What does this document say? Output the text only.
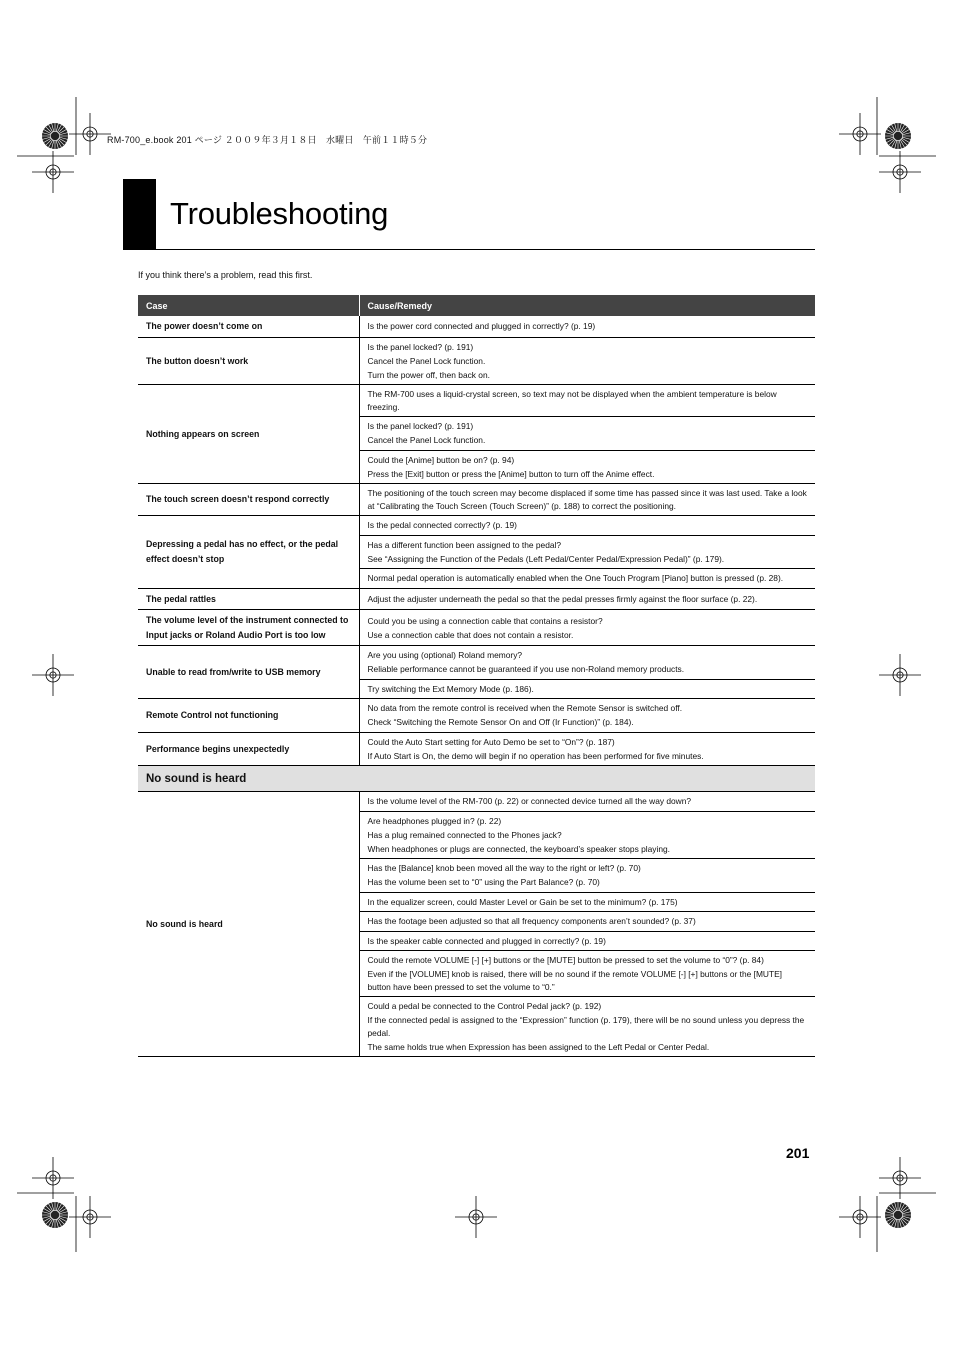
RM-700_e.book 201 ページ ２００９年３月１８日　水曜日　午前１１時５分
Troubleshooting
If you think there’s a problem, read this first.
Case	Cause/Remedy
The power doesn’t come on	Is the power cord connected and plugged in correctly? (p. 19)

The button doesn’t work	Is the panel locked? (p. 191)
Cancel the Panel Lock function.
Turn the power off, then back on.

Nothing appears on screen	The RM-700 uses a liquid-crystal screen, so text may not be displayed when the ambient temperature is below freezing.

	Is the panel locked? (p. 191)
Cancel the Panel Lock function.

	Could the [Anime] button be on? (p. 94)
Press the [Exit] button or press the [Anime] button to turn off the Anime effect.

The touch screen doesn’t respond correctly	The positioning of the touch screen may become displaced if some time has passed since it was last used. Take a look at “Calibrating the Touch Screen (Touch Screen)” (p. 188) to correct the positioning.

Depressing a pedal has no effect, or the pedal effect doesn’t stop	Is the pedal connected correctly? (p. 19)

	Has a different function been assigned to the pedal?
See “Assigning the Function of the Pedals (Left Pedal/Center Pedal/Expression Pedal)” (p. 179).

	Normal pedal operation is automatically enabled when the One Touch Program [Piano] button is pressed (p. 28).

The pedal rattles	Adjust the adjuster underneath the pedal so that the pedal presses firmly against the floor surface (p. 22).

The volume level of the instrument connected to Input jacks or Roland Audio Port is too low	Could you be using a connection cable that contains a resistor?
Use a connection cable that does not contain a resistor.

Unable to read from/write to USB memory	Are you using (optional) Roland memory?
Reliable performance cannot be guaranteed if you use non-Roland memory products.

	Try switching the Ext Memory Mode (p. 186).

Remote Control not functioning	No data from the remote control is received when the Remote Sensor is switched off.
Check “Switching the Remote Sensor On and Off (Ir Function)” (p. 184).

Performance begins unexpectedly	Could the Auto Start setting for Auto Demo be set to “On”? (p. 187)
If Auto Start is On, the demo will begin if no operation has been performed for five minutes.

No sound is heard	
No sound is heard	Is the volume level of the RM-700 (p. 22) or connected device turned all the way down?

	Are headphones plugged in? (p. 22)
Has a plug remained connected to the Phones jack?
When headphones or plugs are connected, the keyboard’s speaker stops playing.

	Has the [Balance] knob been moved all the way to the right or left? (p. 70)
Has the volume been set to “0” using the Part Balance? (p. 70)

	In the equalizer screen, could Master Level or Gain be set to the minimum? (p. 175)

	Has the footage been adjusted so that all frequency components aren’t sounded? (p. 37)

	Is the speaker cable connected and plugged in correctly? (p. 19)

	Could the remote VOLUME [-] [+] buttons or the [MUTE] button be pressed to set the volume to “0”? (p. 84)
Even if the [VOLUME] knob is raised, there will be no sound if the remote VOLUME [-] [+] buttons or the [MUTE] button have been pressed to set the volume to “0.”

	Could a pedal be connected to the Control Pedal jack? (p. 192)
If the connected pedal is assigned to the “Expression” function (p. 179), there will be no sound unless you depress the pedal.
The same holds true when Expression has been assigned to the Left Pedal or Center Pedal.
201
